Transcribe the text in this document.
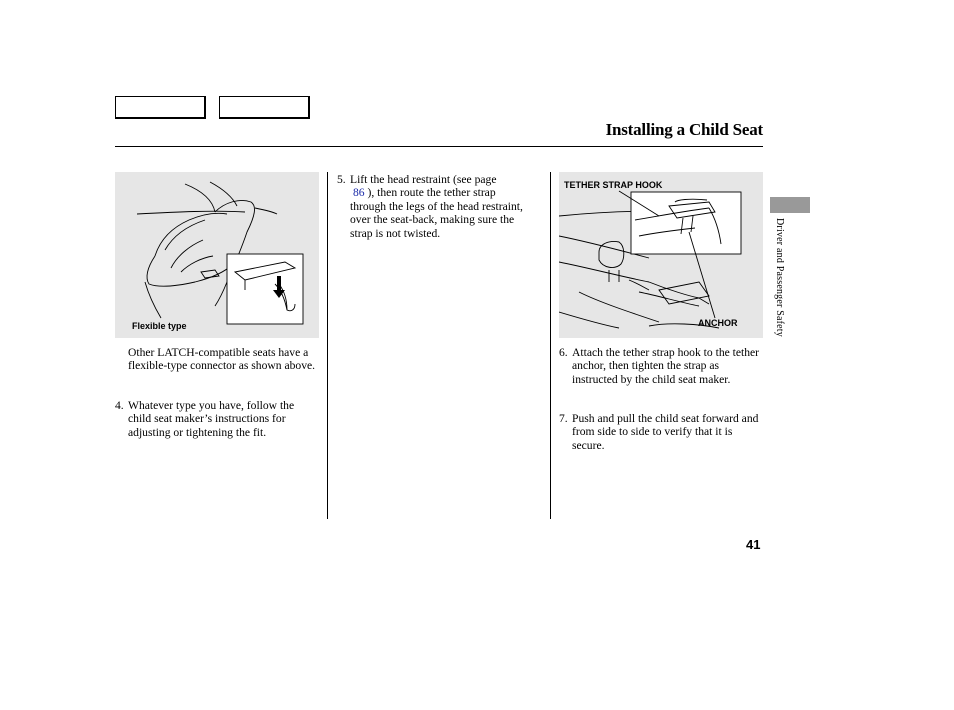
Installing a Child Seat
Flexible type
TETHER STRAP HOOK
ANCHOR
Other LATCH-compatible seats have a flexible-type connector as shown above.
4. Whatever type you have, follow the child seat maker’s instructions for adjusting or tightening the fit.
5. Lift the head restraint (see page
86 ), then route the tether strap through the legs of the head restraint, over the seat-back, making sure the strap is not twisted.
6. Attach the tether strap hook to the tether anchor, then tighten the strap as instructed by the child seat maker.
7. Push and pull the child seat forward and from side to side to verify that it is secure.
Driver and Passenger Safety
41
